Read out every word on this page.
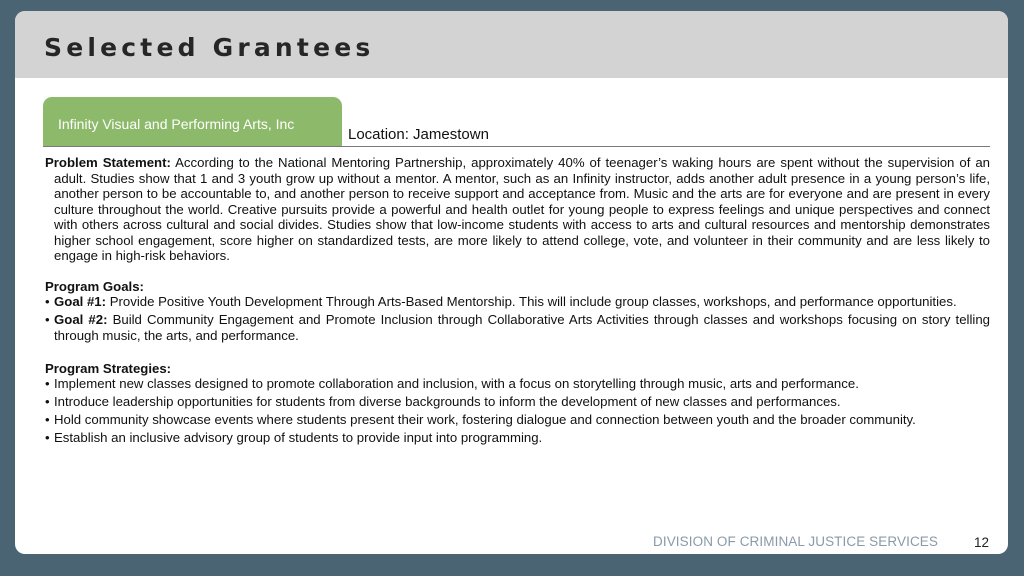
Selected Grantees
Infinity Visual and Performing Arts, Inc
Location: Jamestown

Problem Statement: According to the National Mentoring Partnership, approximately 40% of teenager’s waking hours are spent without the supervision of an adult. Studies show that 1 and 3 youth grow up without a mentor. A mentor, such as an Infinity instructor, adds another adult presence in a young person’s life, another person to be accountable to, and another person to receive support and acceptance from. Music and the arts are for everyone and are present in every culture throughout the world. Creative pursuits provide a powerful and health outlet for young people to express feelings and unique perspectives and connect with others across cultural and social divides. Studies show that low-income students with access to arts and cultural resources and mentorship demonstrates higher school engagement, score higher on standardized tests, are more likely to attend college, vote, and volunteer in their community and are less likely to engage in high-risk behaviors.

Program Goals:

• Goal #1: Provide Positive Youth Development Through Arts-Based Mentorship. This will include group classes, workshops, and performance opportunities.
• Goal #2: Build Community Engagement and Promote Inclusion through Collaborative Arts Activities through classes and workshops focusing on story telling through music, the arts, and performance.

Program Strategies:

• Implement new classes designed to promote collaboration and inclusion, with a focus on storytelling through music, arts and performance.
• Introduce leadership opportunities for students from diverse backgrounds to inform the development of new classes and performances.
• Hold community showcase events where students present their work, fostering dialogue and connection between youth and the broader community.
• Establish an inclusive advisory group of students to provide input into programming.
DIVISION OF CRIMINAL JUSTICE SERVICES	12
